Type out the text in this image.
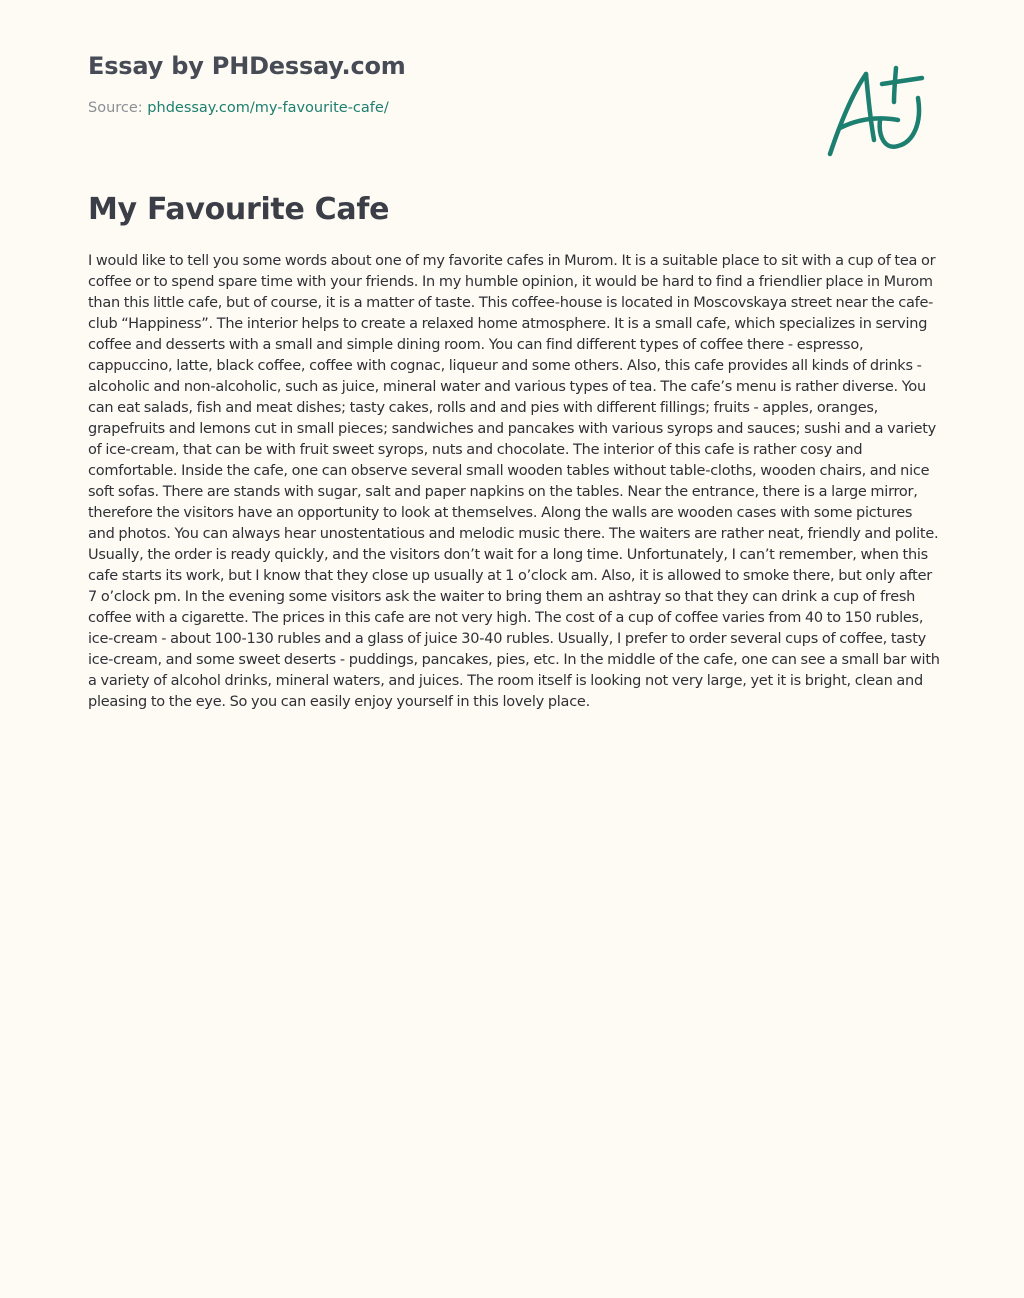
Essay by PHDessay.com
Source: phdessay.com/my-favourite-cafe/
My Favourite Cafe

I would like to tell you some words about one of my favorite cafes in Murom. It is a suitable place to sit with a cup of tea or coffee or to spend spare time with your friends. In my humble opinion, it would be hard to find a friendlier place in Murom than this little cafe, but of course, it is a matter of taste. This coffee-house is located in Moscovskaya street near the cafe-club “Happiness”. The interior helps to create a relaxed home atmosphere. It is a small cafe, which specializes in serving coffee and desserts with a small and simple dining room. You can find different types of coffee there - espresso, cappuccino, latte, black coffee, coffee with cognac, liqueur and some others. Also, this cafe provides all kinds of drinks - alcoholic and non-alcoholic, such as juice, mineral water and various types of tea. The cafe’s menu is rather diverse. You can eat salads, fish and meat dishes; tasty cakes, rolls and and pies with different fillings; fruits - apples, oranges, grapefruits and lemons cut in small pieces; sandwiches and pancakes with various syrops and sauces; sushi and a variety of ice-cream, that can be with fruit sweet syrops, nuts and chocolate. The interior of this cafe is rather cosy and comfortable. Inside the cafe, one can observe several small wooden tables without table-cloths, wooden chairs, and nice soft sofas. There are stands with sugar, salt and paper napkins on the tables. Near the entrance, there is a large mirror, therefore the visitors have an opportunity to look at themselves. Along the walls are wooden cases with some pictures and photos. You can always hear unostentatious and melodic music there. The waiters are rather neat, friendly and polite. Usually, the order is ready quickly, and the visitors don’t wait for a long time. Unfortunately, I can’t remember, when this cafe starts its work, but I know that they close up usually at 1 o’clock am. Also, it is allowed to smoke there, but only after 7 o’clock pm. In the evening some visitors ask the waiter to bring them an ashtray so that they can drink a cup of fresh coffee with a cigarette. The prices in this cafe are not very high. The cost of a cup of coffee varies from 40 to 150 rubles, ice-cream - about 100-130 rubles and a glass of juice 30-40 rubles. Usually, I prefer to order several cups of coffee, tasty ice-cream, and some sweet deserts - puddings, pancakes, pies, etc. In the middle of the cafe, one can see a small bar with a variety of alcohol drinks, mineral waters, and juices. The room itself is looking not very large, yet it is bright, clean and pleasing to the eye. So you can easily enjoy yourself in this lovely place.
